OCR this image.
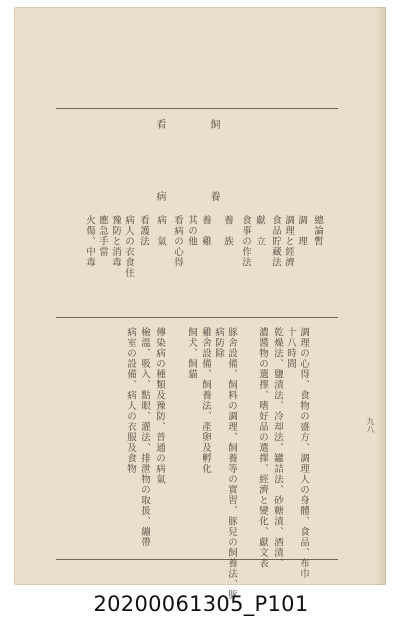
飼　　養
看　　病
總論暫
調　理
調理と經濟
食品貯藏法
獻　立
食事の作法
養　族
養　雞
其の他
看病の心得
病　氣
看護法
病人の衣食住
豫防と消毒
應急手當
火傷、中毒
調理の心得、食物の盛方、調理人の身體、食品、布巾
十八時間
乾燥法、鹽漬法、冷却法、罐詰法、砂糖漬、酒漬、
濃醬物の選擇、嗜好品の選擇、經濟と變化、獻文表
豚舍設備、飼料の調理、飼養等の實習、豚兒の飼養法、豚
病防除
雞舍設備、飼養法、產卵及孵化
飼犬、飼貓
傳染病の種類及豫防、普通の病氣
檢溫、吸入、點眼、灌法、排泄物の取扱、繃帶
病室の設備、病人の衣服及食物	九八
20200061305_P101
